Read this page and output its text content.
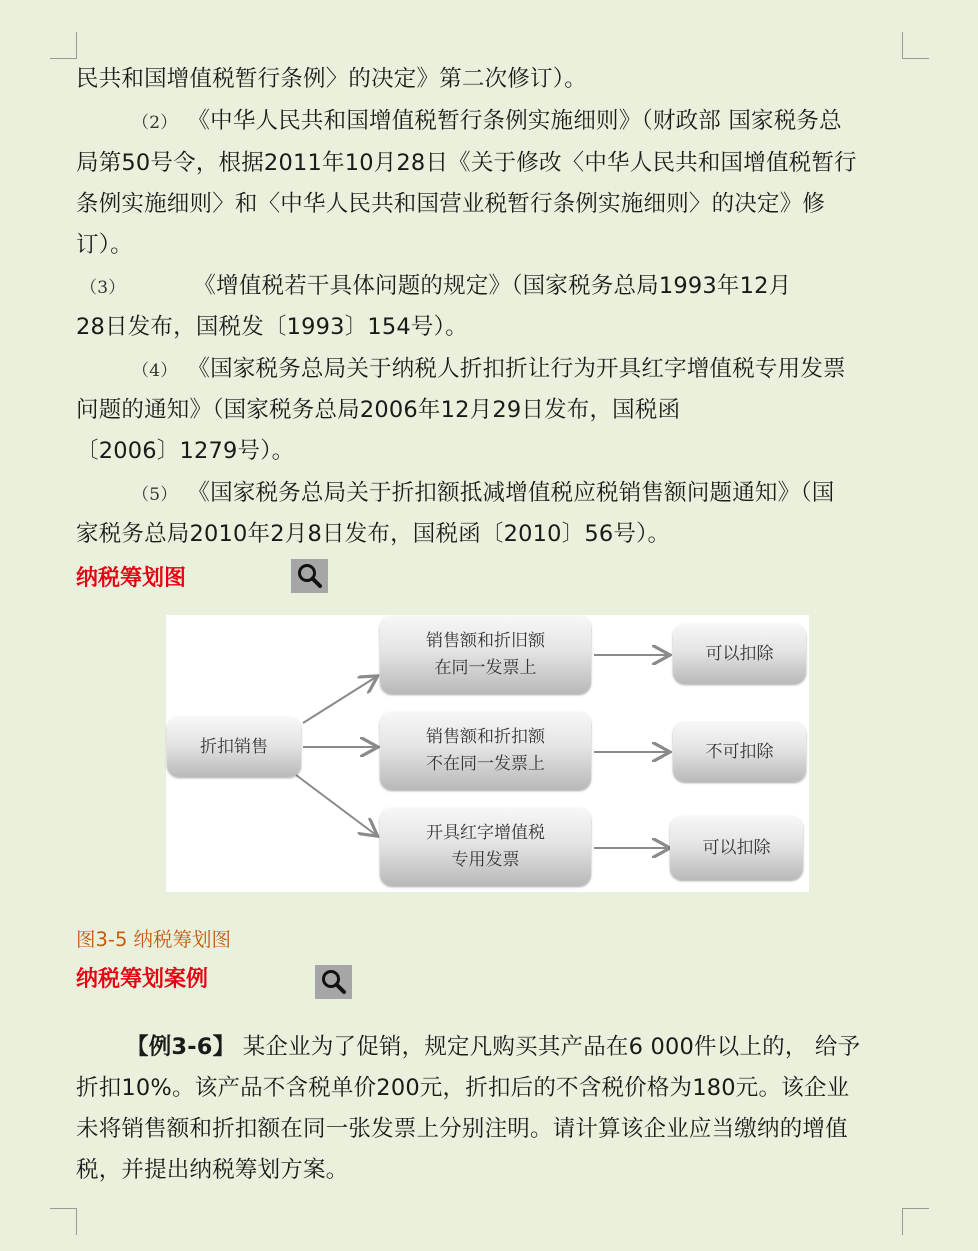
民共和国增值税暂行条例〉的决定》第二次修订）。
（2） 《中华人民共和国增值税暂行条例实施细则》（财政部 国家税务总
局第50号令，根据2011年10月28日《关于修改〈中华人民共和国增值税暂行
条例实施细则〉和〈中华人民共和国营业税暂行条例实施细则〉的决定》修
订）。
（3）	《增值税若干具体问题的规定》（国家税务总局1993年12月
28日发布，国税发〔1993〕154号）。
（4） 《国家税务总局关于纳税人折扣折让行为开具红字增值税专用发票
问题的通知》（国家税务总局2006年12月29日发布，国税函
〔2006〕1279号）。
（5） 《国家税务总局关于折扣额抵减增值税应税销售额问题通知》（国
家税务总局2010年2月8日发布，国税函〔2010〕56号）。
纳税筹划图
折扣销售
销售额和折旧额
在同一发票上
销售额和折扣额
不在同一发票上
开具红字增值税
专用发票
可以扣除
不可扣除
可以扣除
图3-5 纳税筹划图
纳税筹划案例
【例3-6】 某企业为了促销，规定凡购买其产品在6 000件以上的， 给予
折扣10%。该产品不含税单价200元，折扣后的不含税价格为180元。该企业
未将销售额和折扣额在同一张发票上分别注明。请计算该企业应当缴纳的增值
税，并提出纳税筹划方案。
